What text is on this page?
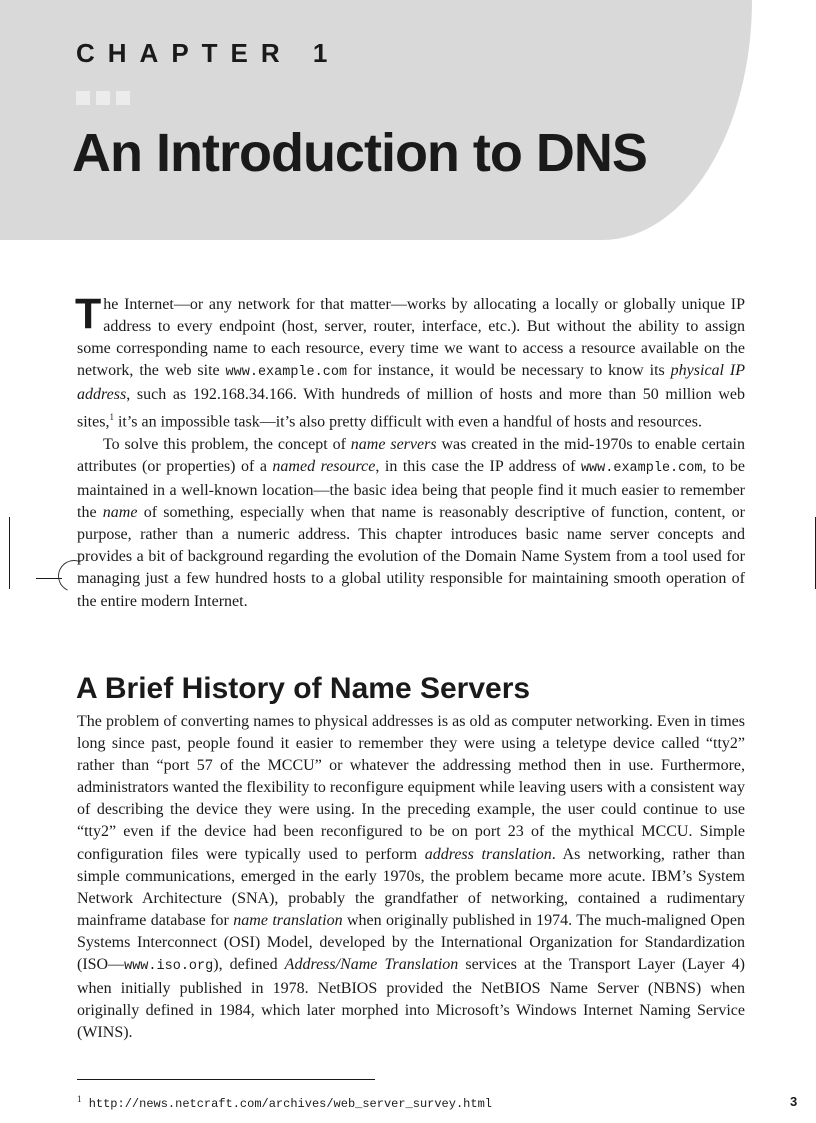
CHAPTER 1
An Introduction to DNS

The Internet—or any network for that matter—works by allocating a locally or globally unique IP address to every endpoint (host, server, router, interface, etc.). But without the ability to assign some corresponding name to each resource, every time we want to access a resource available on the network, the web site www.example.com for instance, it would be necessary to know its physical IP address, such as 192.168.34.166. With hundreds of million of hosts and more than 50 million web sites,$^1$ it’s an impossible task—it’s also pretty difficult with even a handful of hosts and resources.

To solve this problem, the concept of name servers was created in the mid-1970s to enable certain attributes (or properties) of a named resource, in this case the IP address of www.example.com, to be maintained in a well-known location—the basic idea being that people find it much easier to remember the name of something, especially when that name is reasonably descriptive of function, content, or purpose, rather than a numeric address. This chapter introduces basic name server concepts and provides a bit of background regarding the evolution of the Domain Name System from a tool used for managing just a few hundred hosts to a global utility responsible for maintaining smooth operation of the entire modern Internet.

A Brief History of Name Servers

The problem of converting names to physical addresses is as old as computer networking. Even in times long since past, people found it easier to remember they were using a teletype device called “tty2” rather than “port 57 of the MCCU” or whatever the addressing method then in use. Furthermore, administrators wanted the flexibility to reconfigure equipment while leaving users with a consistent way of describing the device they were using. In the preceding example, the user could continue to use “tty2” even if the device had been reconfigured to be on port 23 of the mythical MCCU. Simple configuration files were typically used to perform address translation. As networking, rather than simple communications, emerged in the early 1970s, the problem became more acute. IBM’s System Network Architecture (SNA), probably the grandfather of networking, contained a rudimentary mainframe database for name translation when originally published in 1974. The much-maligned Open Systems Interconnect (OSI) Model, developed by the International Organization for Standardization (ISO—www.iso.org), defined Address/Name Translation services at the Transport Layer (Layer 4) when initially published in 1978. NetBIOS provided the NetBIOS Name Server (NBNS) when originally defined in 1984, which later morphed into Microsoft’s Windows Internet Naming Service (WINS).

$^1$ http://news.netcraft.com/archives/web_server_survey.html	3
